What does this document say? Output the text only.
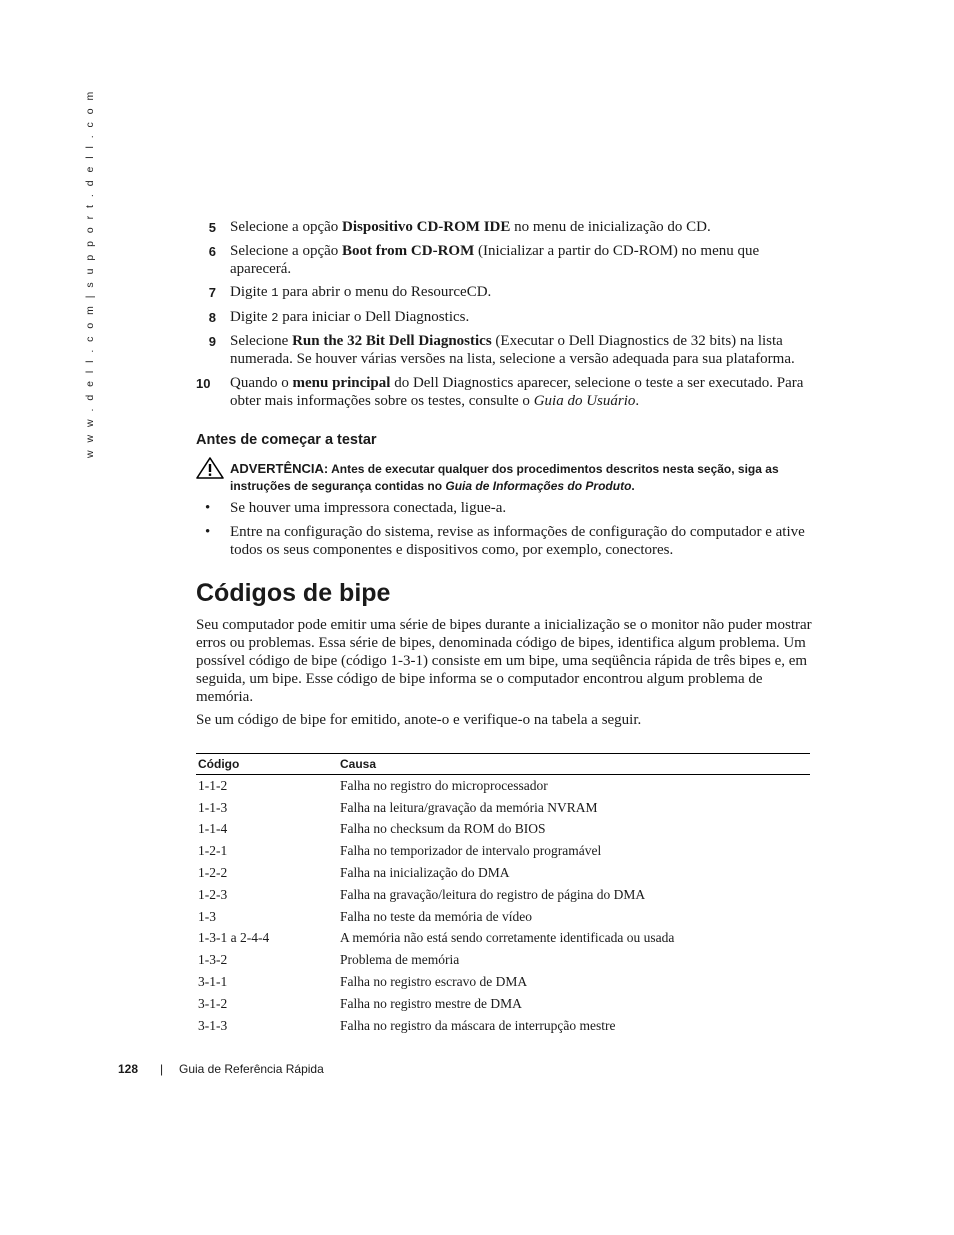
w w w . d e l l . c o m | s u p p o r t . d e l l . c o m	5 Selecione a opção Dispositivo CD-ROM IDE no menu de inicialização do CD.
6 Selecione a opção Boot from CD-ROM (Inicializar a partir do CD-ROM) no menu que aparecerá.
7 Digite 1 para abrir o menu do ResourceCD.
8 Digite 2 para iniciar o Dell Diagnostics.
9 Selecione Run the 32 Bit Dell Diagnostics (Executar o Dell Diagnostics de 32 bits) na lista numerada. Se houver várias versões na lista, selecione a versão adequada para sua plataforma.
10 Quando o menu principal do Dell Diagnostics aparecer, selecione o teste a ser executado. Para obter mais informações sobre os testes, consulte o Guia do Usuário.
Antes de começar a testar
ADVERTÊNCIA: Antes de executar qualquer dos procedimentos descritos nesta seção, siga as instruções de segurança contidas no Guia de Informações do Produto.
• Se houver uma impressora conectada, ligue-a.
• Entre na configuração do sistema, revise as informações de configuração do computador e ative todos os seus componentes e dispositivos como, por exemplo, conectores.
Códigos de bipe
Seu computador pode emitir uma série de bipes durante a inicialização se o monitor não puder mostrar erros ou problemas. Essa série de bipes, denominada código de bipes, identifica algum problema. Um possível código de bipe (código 1-3-1) consiste em um bipe, uma seqüência rápida de três bipes e, em seguida, um bipe. Esse código de bipe informa se o computador encontrou algum problema de memória.
Se um código de bipe for emitido, anote-o e verifique-o na tabela a seguir.
Código	Causa
1-1-2	Falha no registro do microprocessador
1-1-3	Falha na leitura/gravação da memória NVRAM
1-1-4	Falha no checksum da ROM do BIOS
1-2-1	Falha no temporizador de intervalo programável
1-2-2	Falha na inicialização do DMA
1-2-3	Falha na gravação/leitura do registro de página do DMA
1-3	Falha no teste da memória de vídeo
1-3-1 a 2-4-4	A memória não está sendo corretamente identificada ou usada
1-3-2	Problema de memória
3-1-1	Falha no registro escravo de DMA
3-1-2	Falha no registro mestre de DMA
3-1-3	Falha no registro da máscara de interrupção mestre
128 | Guia de Referência Rápida
